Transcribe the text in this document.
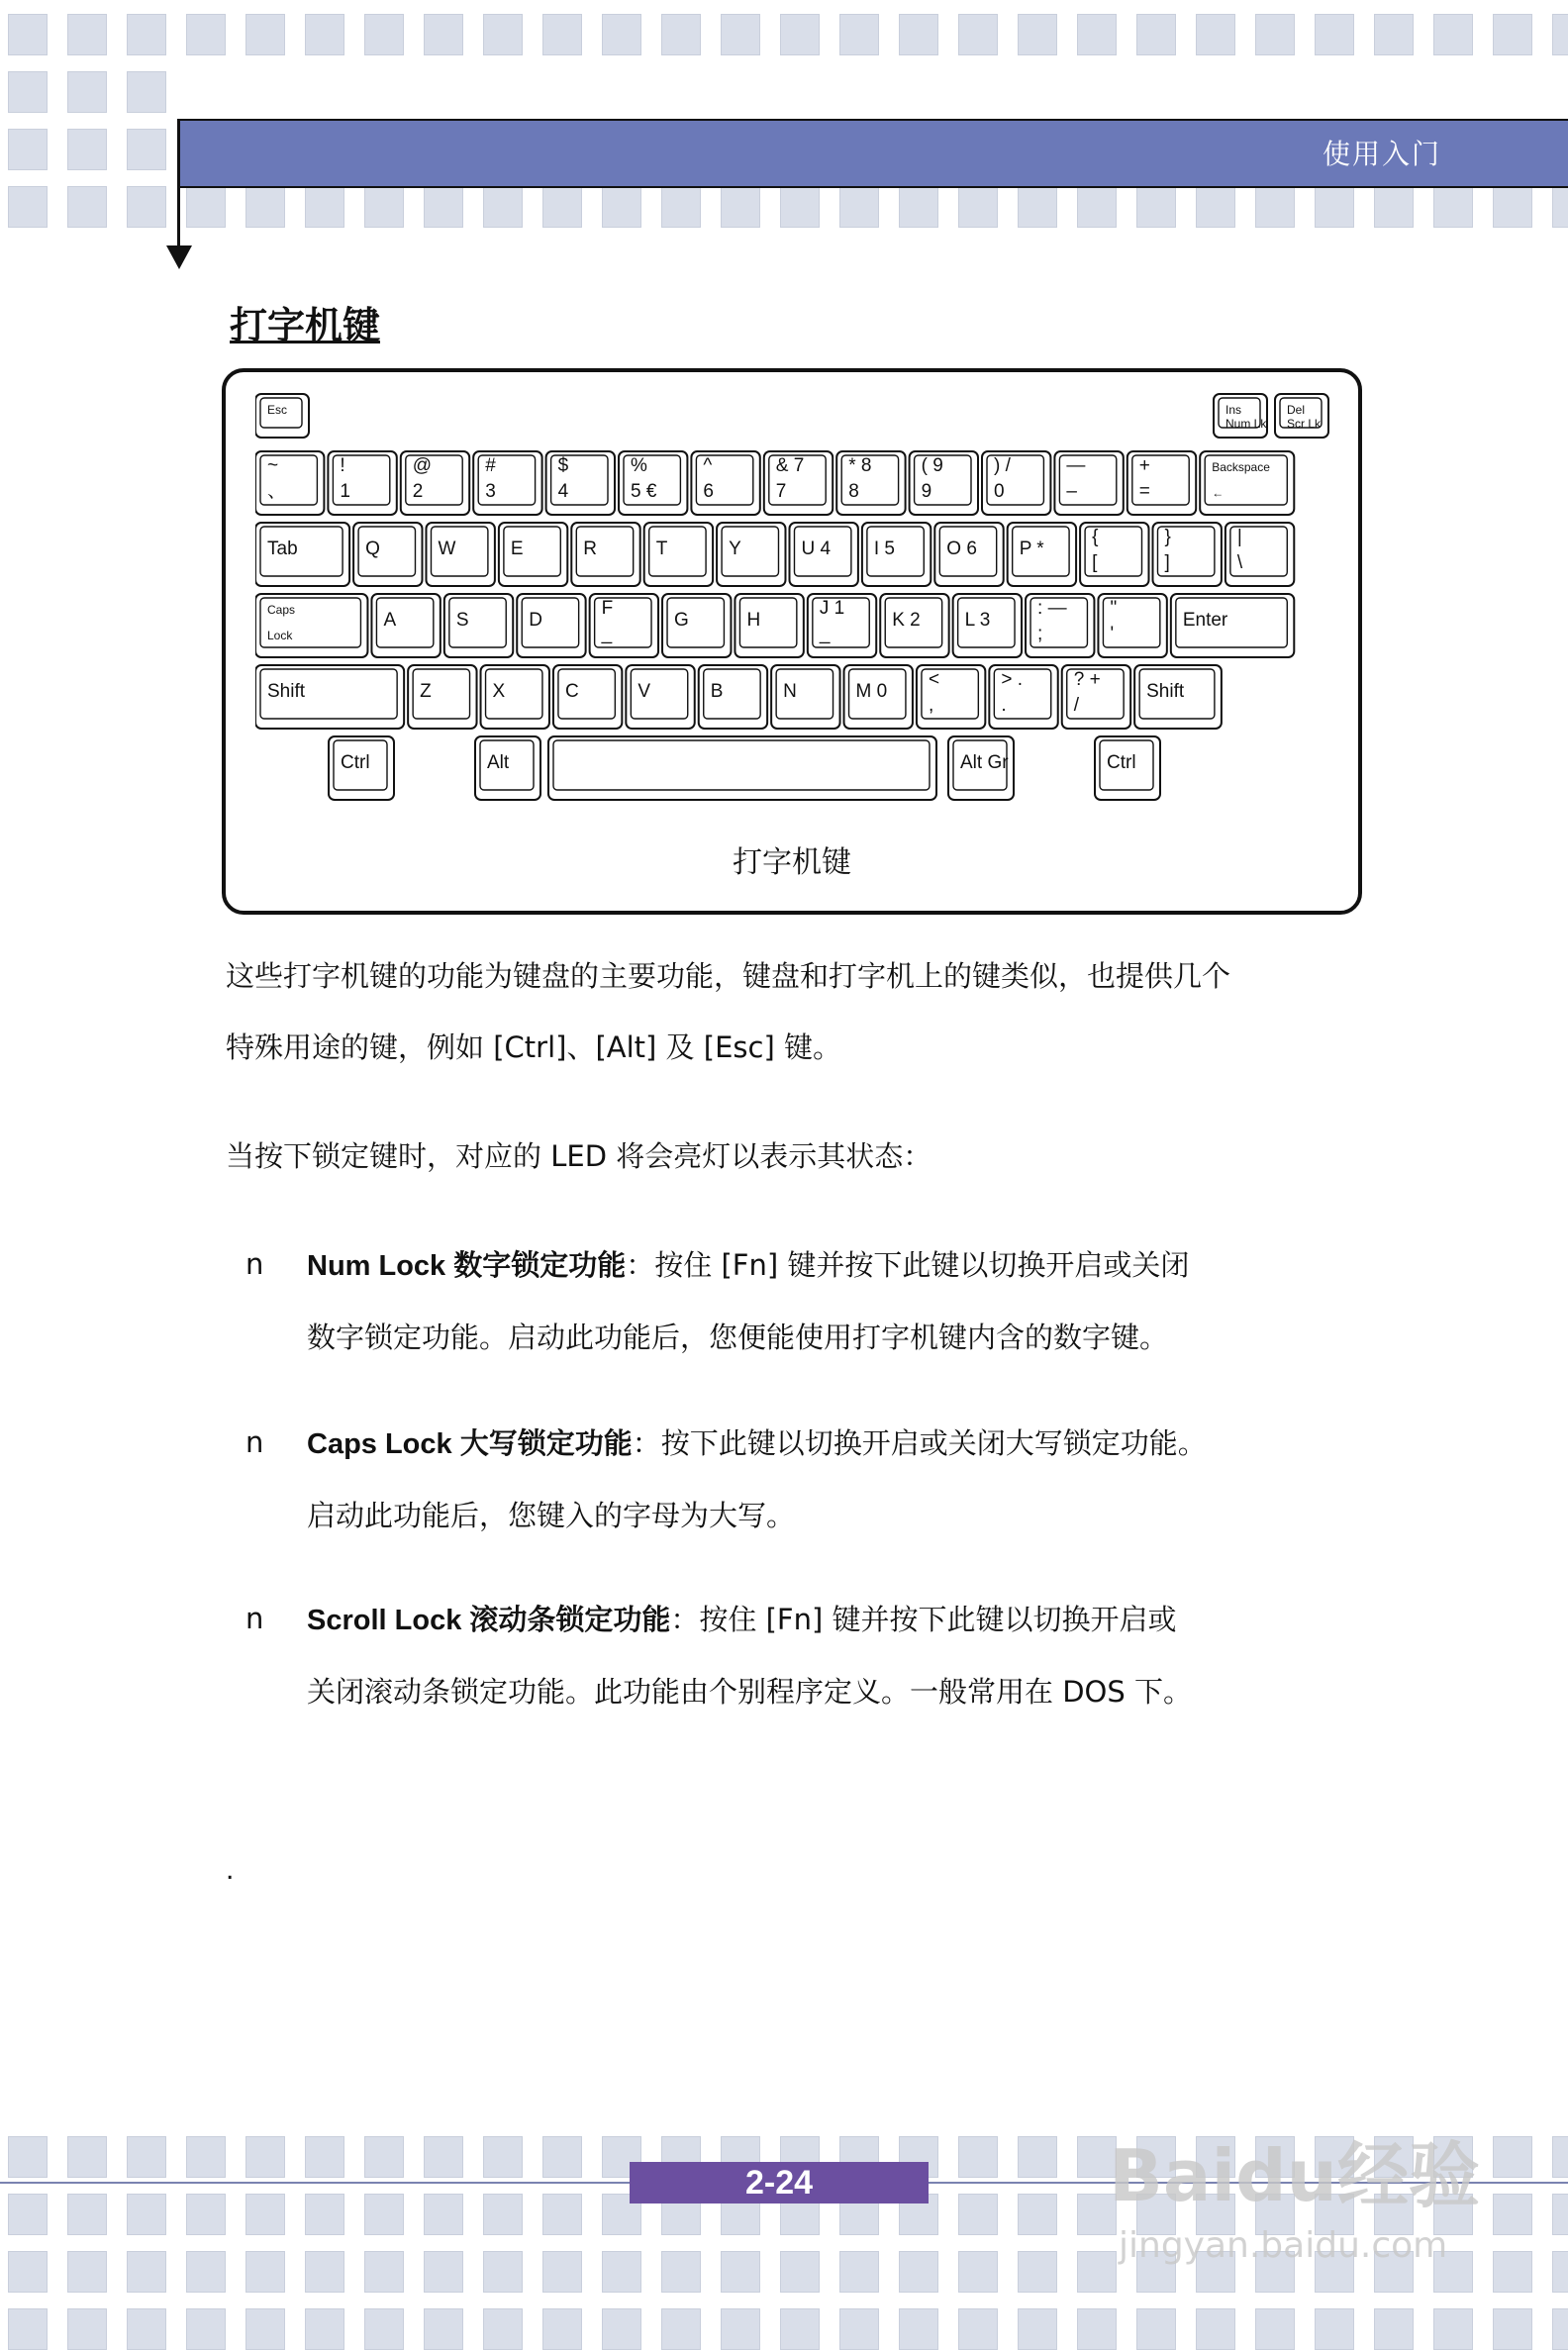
使用入门
打字机键
Esc	Ins
Num Lk
Del
Scr Lk
~
、
!
1
@
2
#
3
$
4
%
5 €
^
6
& 7
7
* 8
8
( 9
9
) /
0
—
–
+
=
Backspace
←
Tab	Q	W	E	R	T	Y	U 4 I 5	O 6 P *
{
[
}
]
|
\
Caps
Lock
A	S	D
F
_
G	H
J 1
_
K 2 L 3
: —
;
"
'
Enter
Shift	Z	X	C	V	B	N	M 0
<
,
> .
.
? +
/
Shift
Ctrl	Alt	Alt Gr	Ctrl
打字机键
这些打字机键的功能为键盘的主要功能，键盘和打字机上的键类似，也提供几个
特殊用途的键，例如 [Ctrl]、[Alt] 及 [Esc] 键。
当按下锁定键时，对应的 LED 将会亮灯以表示其状态：
n Num Lock 数字锁定功能：按住 [Fn] 键并按下此键以切换开启或关闭
数字锁定功能。启动此功能后，您便能使用打字机键内含的数字键。
n Caps Lock 大写锁定功能：按下此键以切换开启或关闭大写锁定功能。
启动此功能后，您键入的字母为大写。
n Scroll Lock 滚动条锁定功能：按住 [Fn] 键并按下此键以切换开启或
关闭滚动条锁定功能。此功能由个别程序定义。一般常用在 DOS 下。
.
2-24	Baidu经验
jingyan.baidu.com
